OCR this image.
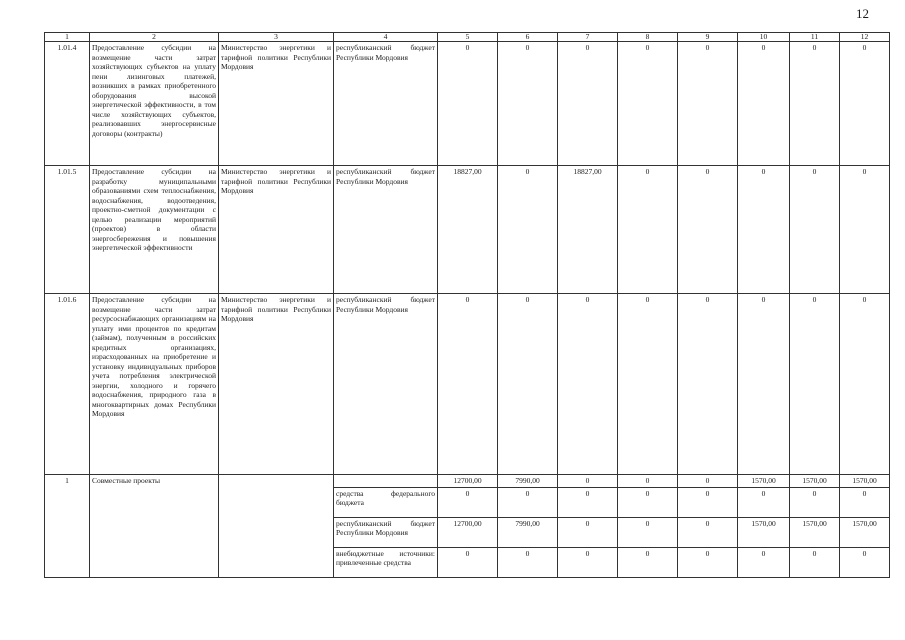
12
1	2	3	4	5	6	7	8	9	10	11	12
1.01.4	Предоставление субсидии на возмещение части затрат хозяйствующих субъектов на уплату пени лизинговых платежей, возникших в рамках приобретенного оборудования высокой энергетической эффективности, в том числе хозяйствующих субъектов, реализовавших энергосервисные договоры (контракты)	Министерство энергетики и тарифной политики Республики Мордовия	республиканский бюджет Республики Мордовия	0	0	0	0	0	0	0	0
1.01.5	Предоставление субсидии на разработку муниципальными образованиями схем теплоснабжения, водоснабжения, водоотведения, проектно-сметной документации с целью реализации мероприятий (проектов) в области энергосбережения и повышения энергетической эффективности	Министерство энергетики и тарифной политики Республики Мордовия	республиканский бюджет Республики Мордовия	18827,00	0	18827,00	0	0	0	0	0
1.01.6	Предоставление субсидии на возмещение части затрат ресурсоснабжающих организациям на уплату ими процентов по кредитам (займам), полученным в российских кредитных организациях, израсходованных на приобретение и установку индивидуальных приборов учета потребления электрической энергии, холодного и горячего водоснабжения, природного газа в многоквартирных домах Республики Мордовия	Министерство энергетики и тарифной политики Республики Мордовия	республиканский бюджет Республики Мордовия	0	0	0	0	0	0	0	0
1	Совместные проекты			12700,00	7990,00	0	0	0	1570,00	1570,00	1570,00
			средства федерального бюджета	0	0	0	0	0	0	0	0
			республиканский бюджет Республики Мордовия	12700,00	7990,00	0	0	0	1570,00	1570,00	1570,00
			внебюджетные источники: привлеченные средства	0	0	0	0	0	0	0	0
